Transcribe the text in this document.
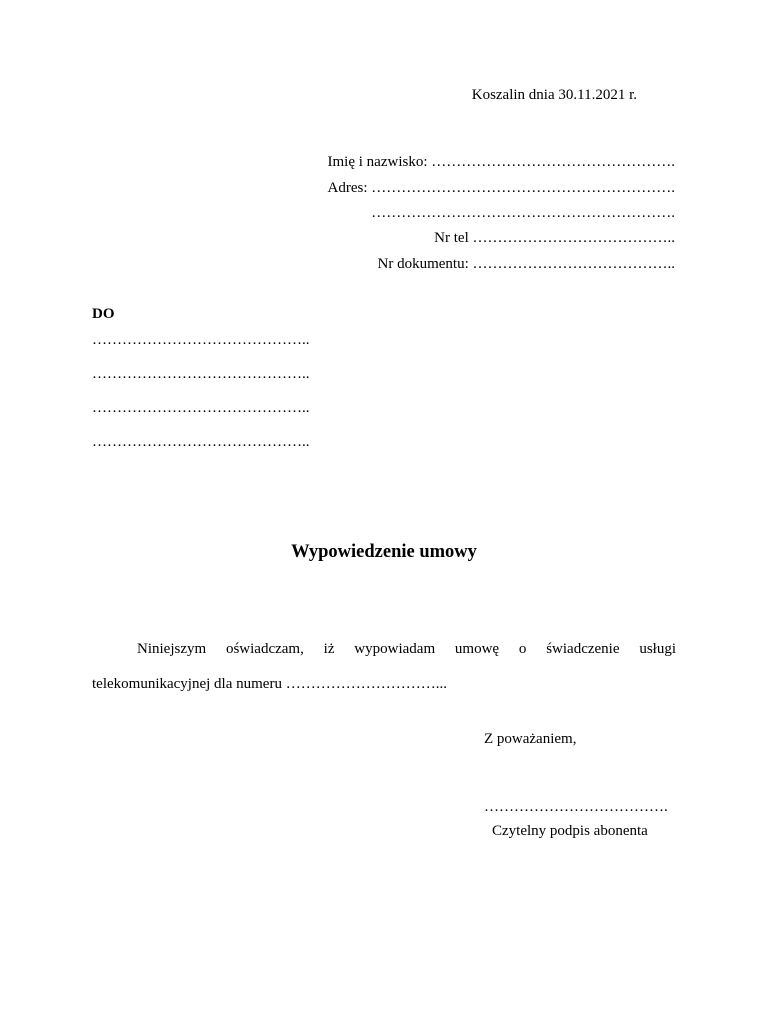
Koszalin dnia 30.11.2021 r.
Imię i nazwisko: ………………………………………….
Adres: …………………………………………………….
…………………………………………………….
Nr tel …………………………………..
Nr dokumentu: …………………………………..
DO
……………………………………..
……………………………………..
……………………………………..
……………………………………..
Wypowiedzenie umowy
Niniejszym oświadczam, iż wypowiadam umowę o świadczenie usługi
telekomunikacyjnej dla numeru …………………………...
Z poważaniem,
……………………………….
Czytelny podpis abonenta
